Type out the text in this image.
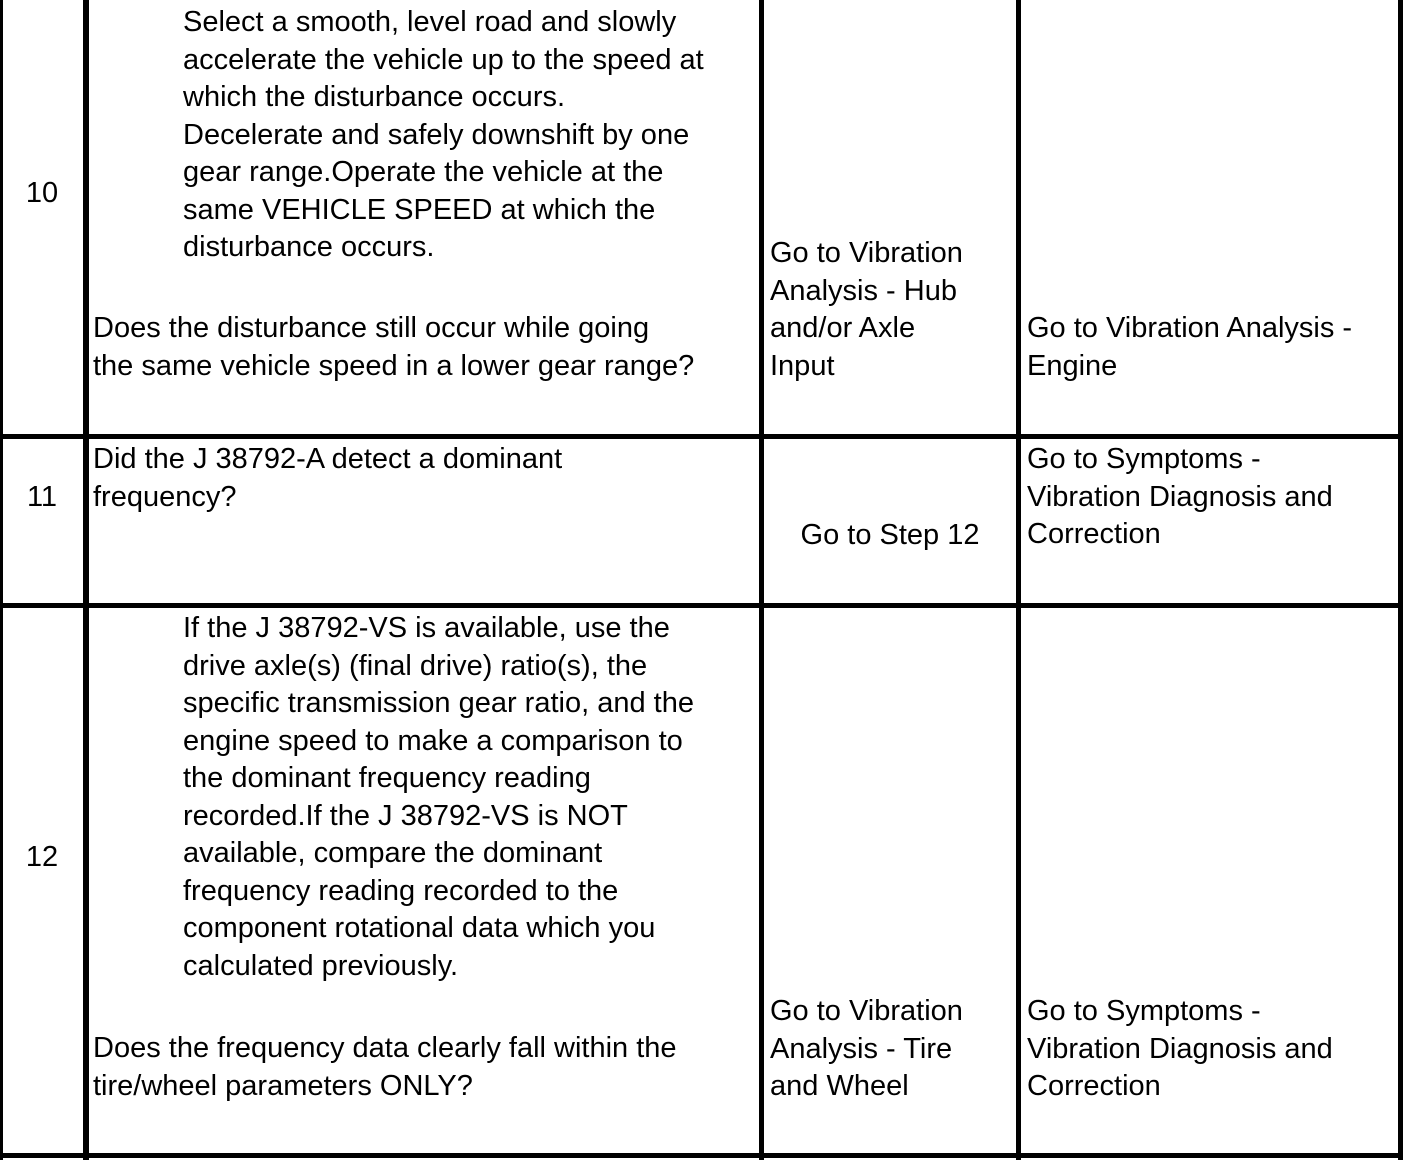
10
Select a smooth, level road and slowly
accelerate the vehicle up to the speed at
which the disturbance occurs.
Decelerate and safely downshift by one
gear range.Operate the vehicle at the
same VEHICLE SPEED at which the
disturbance occurs.
Does the disturbance still occur while going
the same vehicle speed in a lower gear range?
Go to Vibration
Analysis - Hub
and/or Axle
Input
Go to Vibration Analysis -
Engine
11
Did the J 38792-A detect a dominant
frequency?
Go to Step 12
Go to Symptoms -
Vibration Diagnosis and
Correction
12
If the J 38792-VS is available, use the
drive axle(s) (final drive) ratio(s), the
specific transmission gear ratio, and the
engine speed to make a comparison to
the dominant frequency reading
recorded.If the J 38792-VS is NOT
available, compare the dominant
frequency reading recorded to the
component rotational data which you
calculated previously.
Does the frequency data clearly fall within the
tire/wheel parameters ONLY?
Go to Vibration
Analysis - Tire
and Wheel
Go to Symptoms -
Vibration Diagnosis and
Correction
